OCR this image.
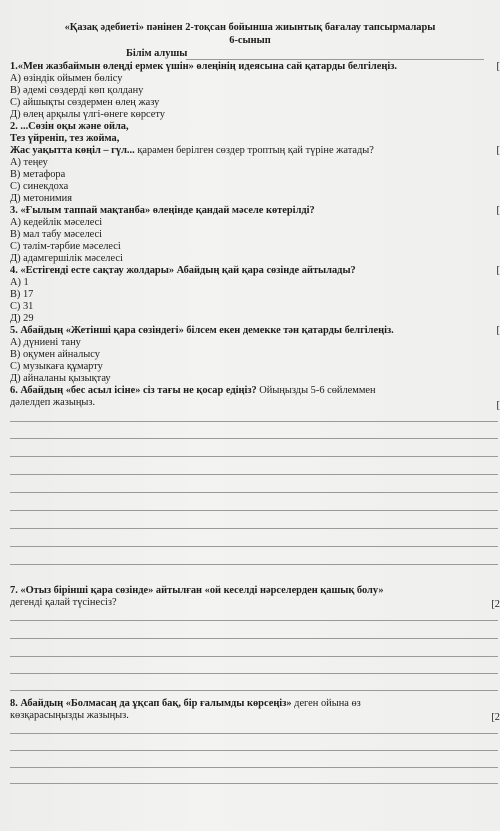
«Қазақ әдебиеті» пәнінен 2-тоқсан бойынша жиынтық бағалау тапсырмалары
6-сынып
Білім алушы
1.«Мен жазбаймын өлеңді ермек үшін» өлеңінің идеясына сай қатарды белгілеңіз.	[
А) өзіндік ойымен бөлісу
В) әдемі сөздерді көп қолдану
С) айшықты сөздермен өлең жазу
Д) өлең арқылы үлгі-өнеге көрсету
2. ...Сөзін оқы және ойла,
Тез үйреніп, тез жойма,
Жас уақытта көңіл – гүл... қарамен берілген сөздер троптың қай түріне жатады?	[
А) теңеу
В) метафора
С) синекдоха
Д) метонимия
3. «Ғылым таппай мақтанба» өлеңінде қандай мәселе көтерілді?	[
А) кедейлік мәселесі
В) мал табу мәселесі
С) тәлім-тәрбие мәселесі
Д) адамгершілік мәселесі
4. «Естігенді есте сақтау жолдары» Абайдың қай қара сөзінде айтылады?	[
А) 1
В) 17
С) 31
Д) 29
5. Абайдың «Жетінші қара сөзіндегі» білсем екен демекке тән қатарды белгілеңіз.	[
А) дүниені тану
В) оқумен айналысу
С) музыкаға құмарту
Д) айналаны қызықтау
6. Абайдың «бес асыл ісіне» сіз тағы не қосар едіңіз? Ойыңызды 5-6 сөйлеммен
дәлелдеп жазыңыз.	[
7. «Отыз бірінші қара сөзінде» айтылған «ой кеселді нәрселерден қашық болу»
дегенді қалай түсінесіз?	[2
8. Абайдың «Болмасаң да ұқсап бақ, бір ғалымды көрсеңіз» деген ойына өз
көзқарасыңызды жазыңыз.	[2
